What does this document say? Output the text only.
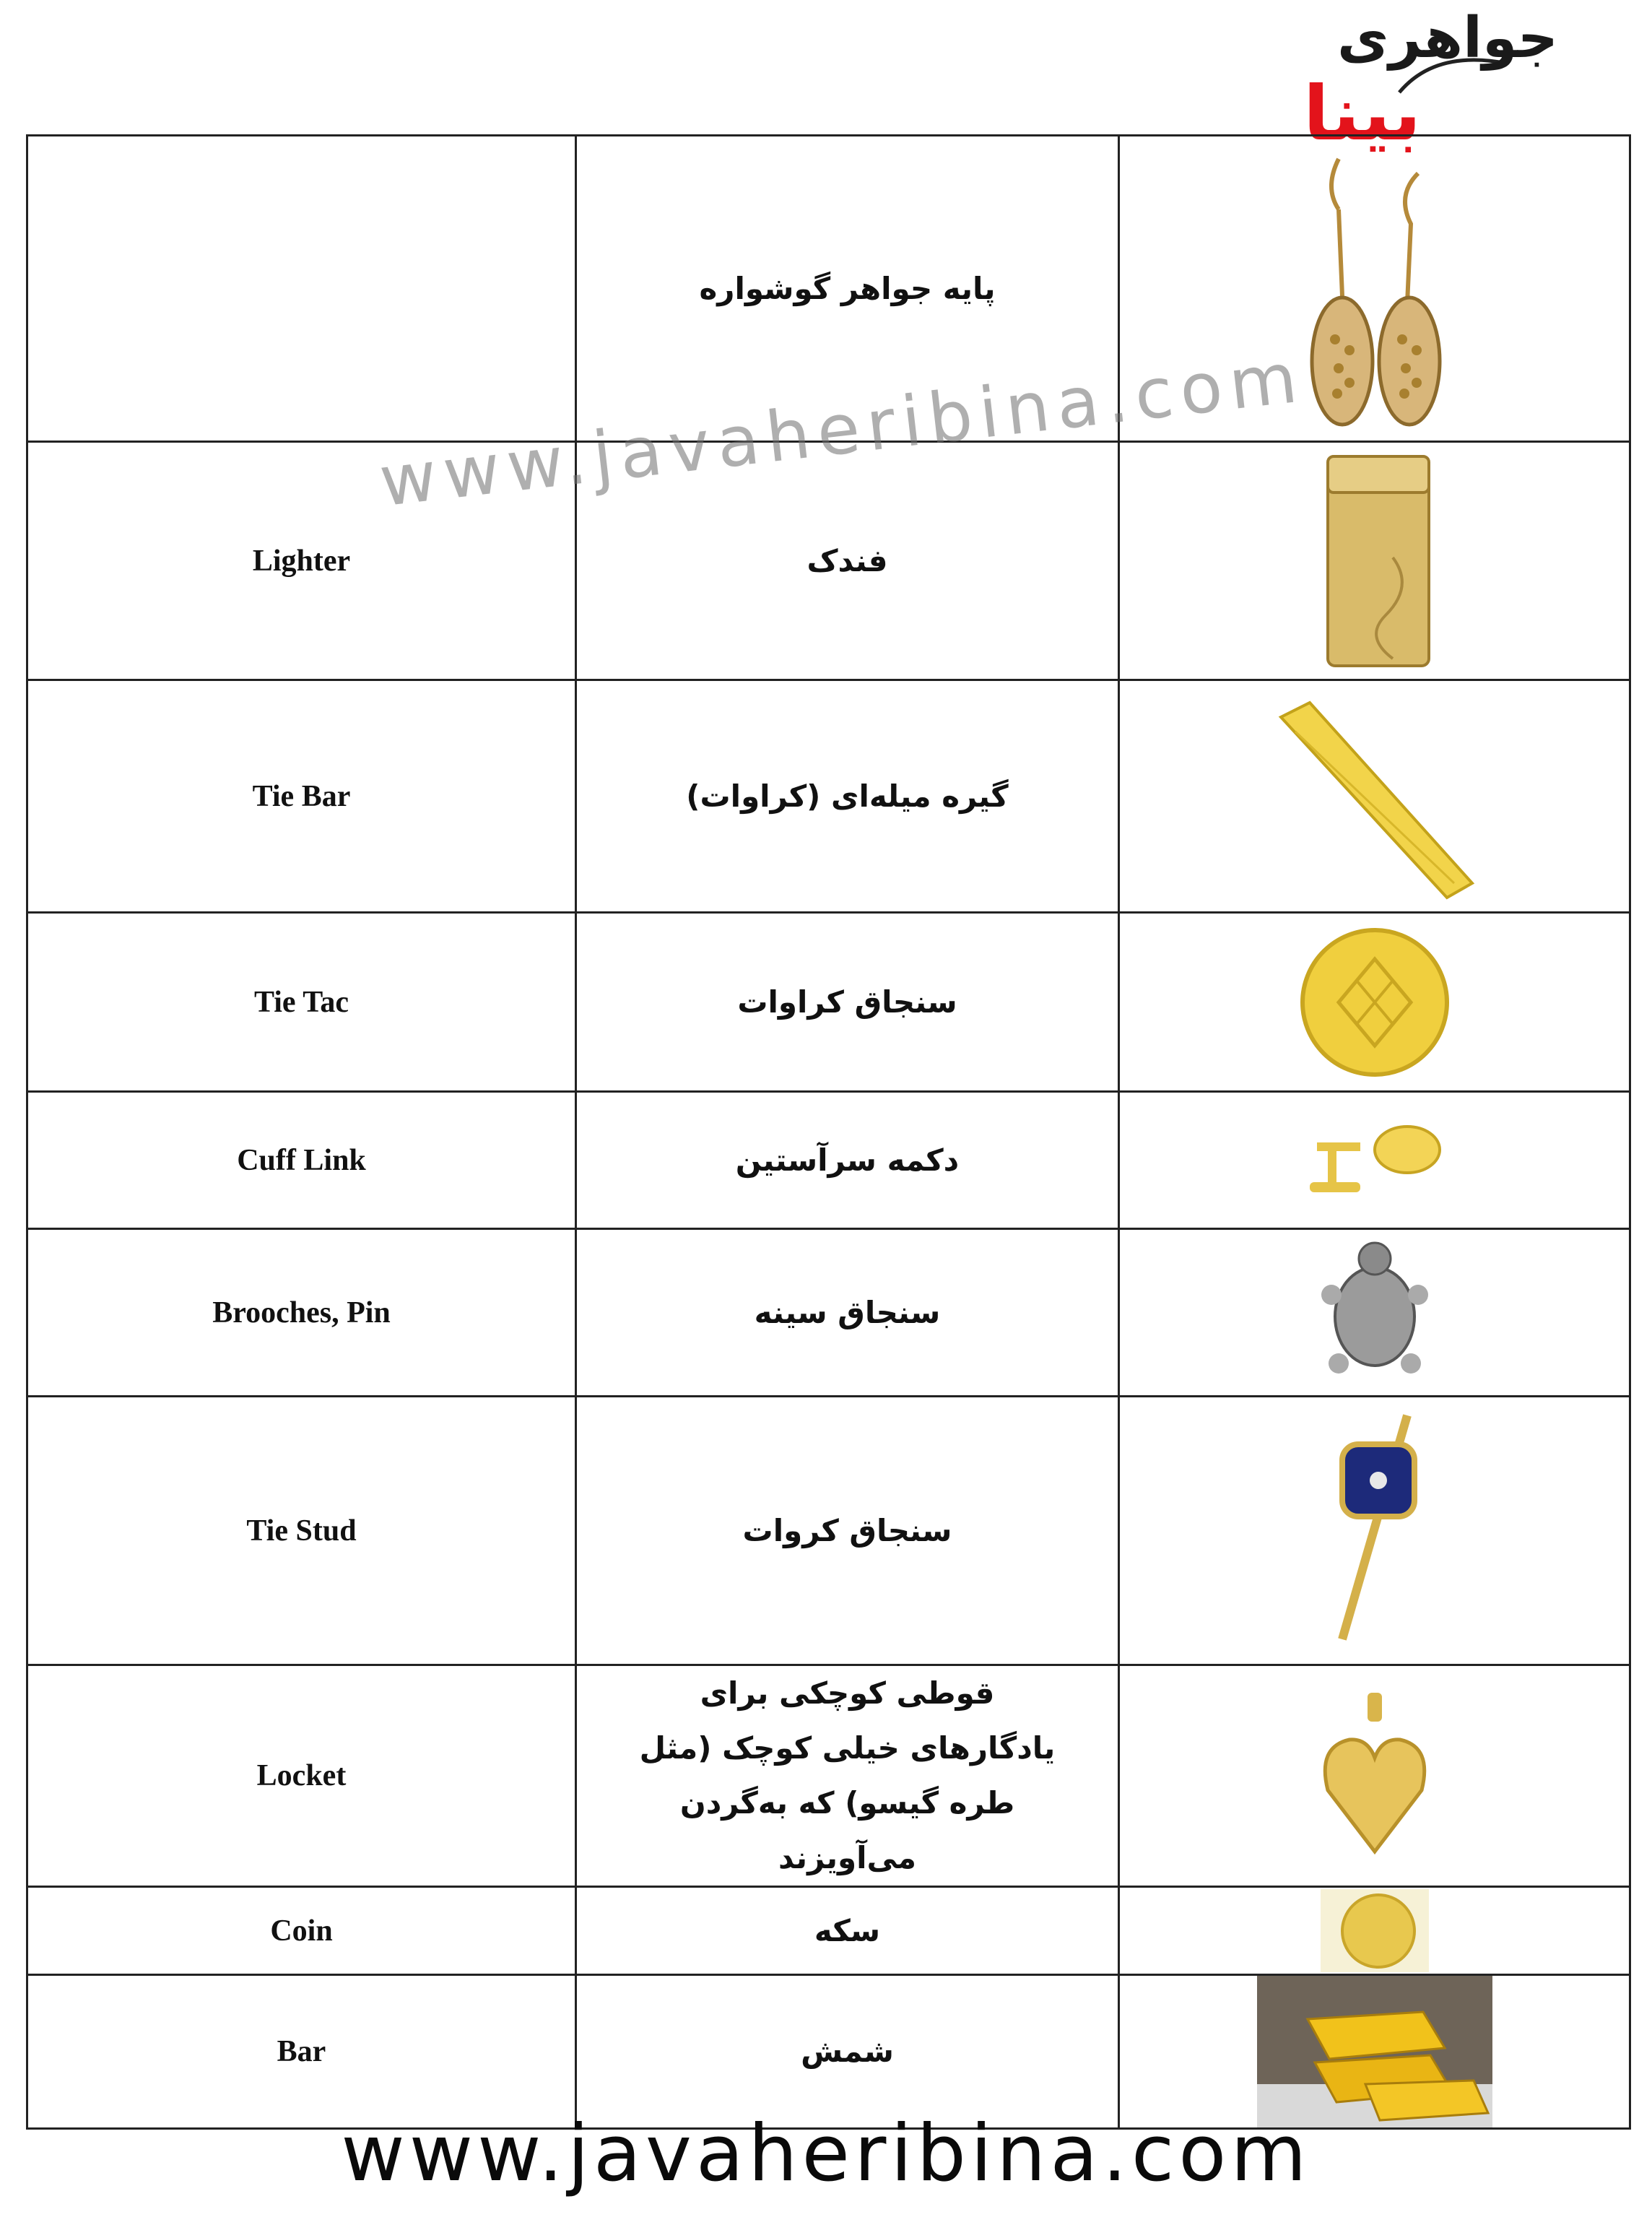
جواهری
بینا
	پایه جواهر گوشواره	

Lighter	فندک	

Tie Bar	گیره میله‌ای (کراوات)	

Tie Tac	سنجاق کراوات	

Cuff Link	دکمه سرآستین	

Brooches, Pin	سنجاق سینه	

Tie Stud	سنجاق کروات	

Locket	قوطی کوچکی برای یادگارهای خیلی کوچک (مثل طره گیسو) که به‌گردن می‌آویزند	

Coin	سکه	

Bar	شمش	
www.javaheribina.com
www.javaheribina.com
